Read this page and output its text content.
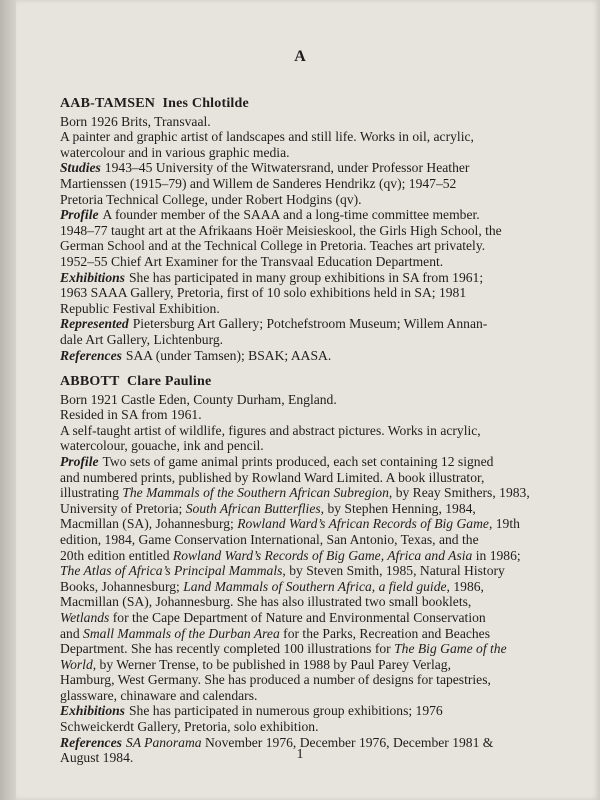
A
AAB-TAMSEN Ines Chlotilde
Born 1926 Brits, Transvaal.
A painter and graphic artist of landscapes and still life. Works in oil, acrylic,
watercolour and in various graphic media.
Studies 1943–45 University of the Witwatersrand, under Professor Heather
Martienssen (1915–79) and Willem de Sanderes Hendrikz (qv); 1947–52
Pretoria Technical College, under Robert Hodgins (qv).
Profile A founder member of the SAAA and a long-time committee member.
1948–77 taught art at the Afrikaans Hoër Meisieskool, the Girls High School, the
German School and at the Technical College in Pretoria. Teaches art privately.
1952–55 Chief Art Examiner for the Transvaal Education Department.
Exhibitions She has participated in many group exhibitions in SA from 1961;
1963 SAAA Gallery, Pretoria, first of 10 solo exhibitions held in SA; 1981
Republic Festival Exhibition.
Represented Pietersburg Art Gallery; Potchefstroom Museum; Willem Annan-
dale Art Gallery, Lichtenburg.
References SAA (under Tamsen); BSAK; AASA.
ABBOTT Clare Pauline
Born 1921 Castle Eden, County Durham, England.
Resided in SA from 1961.
A self-taught artist of wildlife, figures and abstract pictures. Works in acrylic,
watercolour, gouache, ink and pencil.
Profile Two sets of game animal prints produced, each set containing 12 signed
and numbered prints, published by Rowland Ward Limited. A book illustrator,
illustrating The Mammals of the Southern African Subregion, by Reay Smithers, 1983,
University of Pretoria; South African Butterflies, by Stephen Henning, 1984,
Macmillan (SA), Johannesburg; Rowland Ward’s African Records of Big Game, 19th
edition, 1984, Game Conservation International, San Antonio, Texas, and the
20th edition entitled Rowland Ward’s Records of Big Game, Africa and Asia in 1986;
The Atlas of Africa’s Principal Mammals, by Steven Smith, 1985, Natural History
Books, Johannesburg; Land Mammals of Southern Africa, a field guide, 1986,
Macmillan (SA), Johannesburg. She has also illustrated two small booklets,
Wetlands for the Cape Department of Nature and Environmental Conservation
and Small Mammals of the Durban Area for the Parks, Recreation and Beaches
Department. She has recently completed 100 illustrations for The Big Game of the
World, by Werner Trense, to be published in 1988 by Paul Parey Verlag,
Hamburg, West Germany. She has produced a number of designs for tapestries,
glassware, chinaware and calendars.
Exhibitions She has participated in numerous group exhibitions; 1976
Schweickerdt Gallery, Pretoria, solo exhibition.
References SA Panorama November 1976, December 1976, December 1981 &
August 1984.	1
